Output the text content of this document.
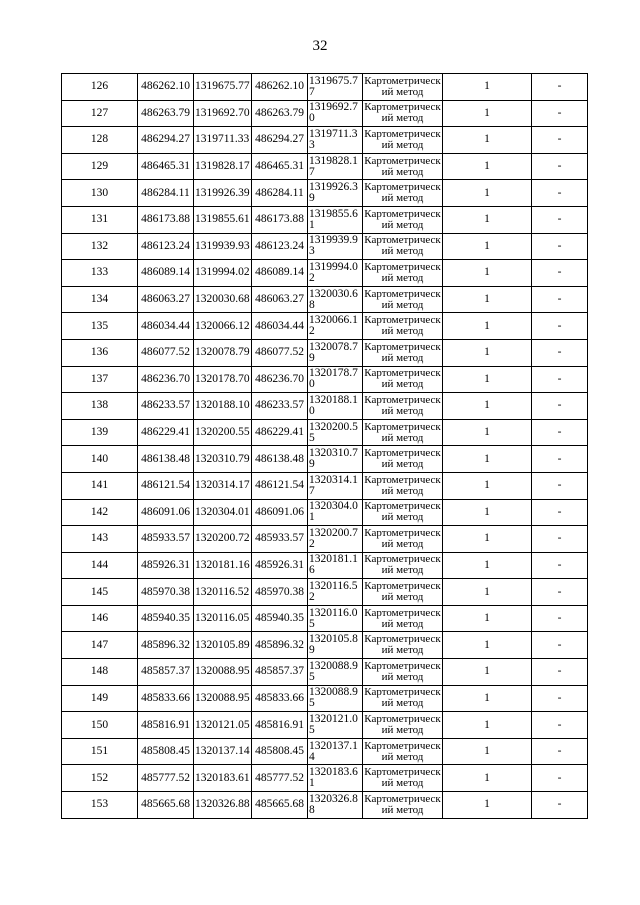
32
126	486262.10	1319675.77	486262.10	1319675.77	Картометрический метод	1	-
127	486263.79	1319692.70	486263.79	1319692.70	Картометрический метод	1	-
128	486294.27	1319711.33	486294.27	1319711.33	Картометрический метод	1	-
129	486465.31	1319828.17	486465.31	1319828.17	Картометрический метод	1	-
130	486284.11	1319926.39	486284.11	1319926.39	Картометрический метод	1	-
131	486173.88	1319855.61	486173.88	1319855.61	Картометрический метод	1	-
132	486123.24	1319939.93	486123.24	1319939.93	Картометрический метод	1	-
133	486089.14	1319994.02	486089.14	1319994.02	Картометрический метод	1	-
134	486063.27	1320030.68	486063.27	1320030.68	Картометрический метод	1	-
135	486034.44	1320066.12	486034.44	1320066.12	Картометрический метод	1	-
136	486077.52	1320078.79	486077.52	1320078.79	Картометрический метод	1	-
137	486236.70	1320178.70	486236.70	1320178.70	Картометрический метод	1	-
138	486233.57	1320188.10	486233.57	1320188.10	Картометрический метод	1	-
139	486229.41	1320200.55	486229.41	1320200.55	Картометрический метод	1	-
140	486138.48	1320310.79	486138.48	1320310.79	Картометрический метод	1	-
141	486121.54	1320314.17	486121.54	1320314.17	Картометрический метод	1	-
142	486091.06	1320304.01	486091.06	1320304.01	Картометрический метод	1	-
143	485933.57	1320200.72	485933.57	1320200.72	Картометрический метод	1	-
144	485926.31	1320181.16	485926.31	1320181.16	Картометрический метод	1	-
145	485970.38	1320116.52	485970.38	1320116.52	Картометрический метод	1	-
146	485940.35	1320116.05	485940.35	1320116.05	Картометрический метод	1	-
147	485896.32	1320105.89	485896.32	1320105.89	Картометрический метод	1	-
148	485857.37	1320088.95	485857.37	1320088.95	Картометрический метод	1	-
149	485833.66	1320088.95	485833.66	1320088.95	Картометрический метод	1	-
150	485816.91	1320121.05	485816.91	1320121.05	Картометрический метод	1	-
151	485808.45	1320137.14	485808.45	1320137.14	Картометрический метод	1	-
152	485777.52	1320183.61	485777.52	1320183.61	Картометрический метод	1	-
153	485665.68	1320326.88	485665.68	1320326.88	Картометрический метод	1	-
